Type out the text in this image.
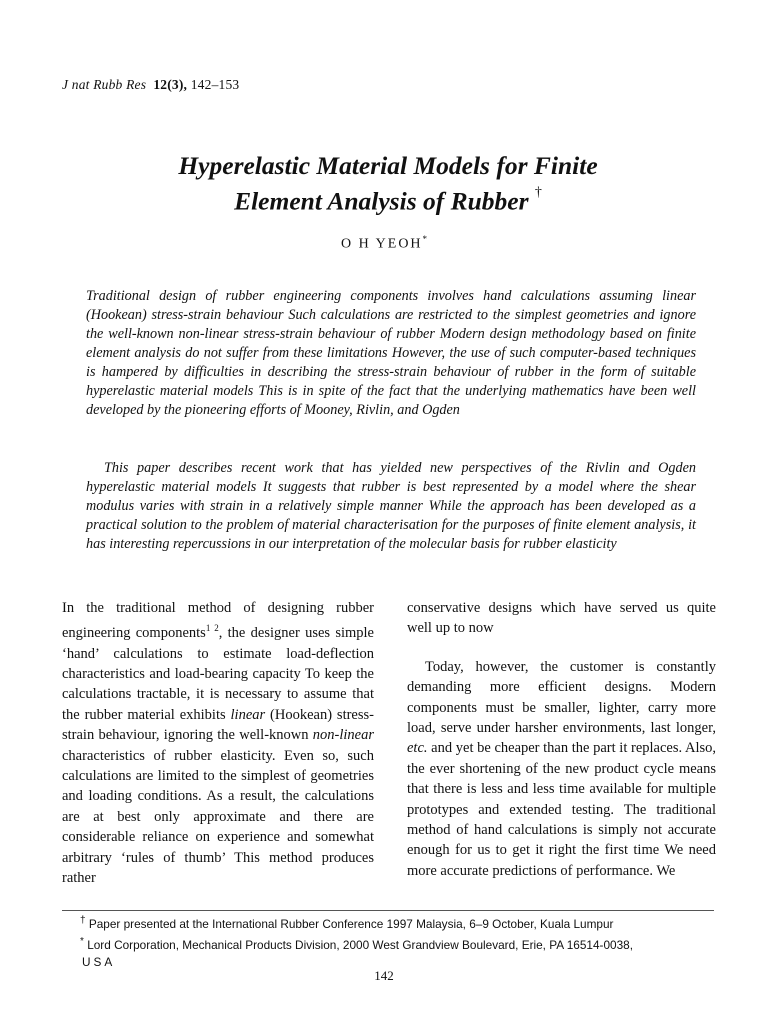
J nat Rubb Res 12(3), 142–153
Hyperelastic Material Models for Finite
Element Analysis of Rubber †
O H YEOH*

Traditional design of rubber engineering components involves hand calculations assuming linear (Hookean) stress-strain behaviour Such calculations are restricted to the simplest geometries and ignore the well-known non-linear stress-strain behaviour of rubber Modern design methodology based on finite element analysis do not suffer from these limitations However, the use of such computer-based techniques is hampered by difficulties in describing the stress-strain behaviour of rubber in the form of suitable hyperelastic material models This is in spite of the fact that the underlying mathematics have been well developed by the pioneering efforts of Mooney, Rivlin, and Ogden

This paper describes recent work that has yielded new perspectives of the Rivlin and Ogden hyperelastic material models It suggests that rubber is best represented by a model where the shear modulus varies with strain in a relatively simple manner While the approach has been developed as a practical solution to the problem of material characterisation for the purposes of finite element analysis, it has interesting repercussions in our interpretation of the molecular basis for rubber elasticity

In the traditional method of designing rubber engineering components$^{1 2}$, the designer uses simple ‘hand’ calculations to estimate load-deflection characteristics and load-bearing capacity To keep the calculations tractable, it is necessary to assume that the rubber material exhibits linear (Hookean) stress-strain behaviour, ignoring the well-known non-linear characteristics of rubber elasticity. Even so, such calculations are limited to the simplest of geometries and loading conditions. As a result, the calculations are at best only approximate and there are considerable reliance on experience and somewhat arbitrary ‘rules of thumb’ This method produces rather

conservative designs which have served us quite well up to now

Today, however, the customer is constantly demanding more efficient designs. Modern components must be smaller, lighter, carry more load, serve under harsher environments, last longer, etc. and yet be cheaper than the part it replaces. Also, the ever shortening of the new product cycle means that there is less and less time available for multiple prototypes and extended testing. The traditional method of hand calculations is simply not accurate enough for us to get it right the first time We need more accurate predictions of performance. We

† Paper presented at the International Rubber Conference 1997 Malaysia, 6–9 October, Kuala Lumpur

* Lord Corporation, Mechanical Products Division, 2000 West Grandview Boulevard, Erie, PA 16514-0038,

USA

142
